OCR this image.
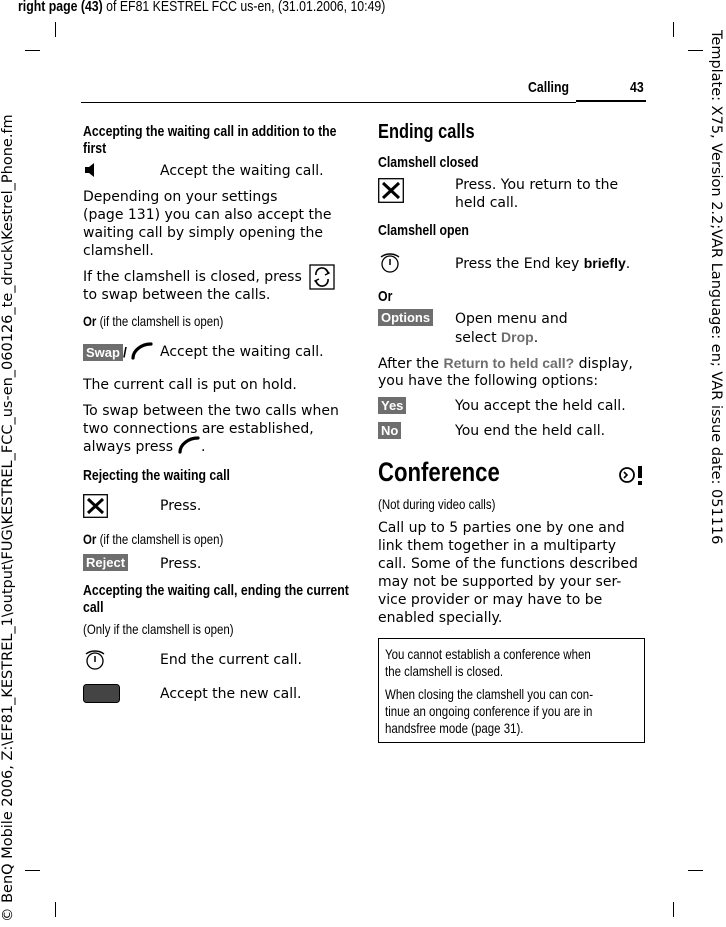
right page (43) of EF81 KESTREL FCC us-en, (31.01.2006, 10:49)
Template: X75, Version 2.2;VAR Language: en; VAR issue date: 051116
© BenQ Mobile 2006, Z:\EF81_KESTREL_1\output\FUG\KESTREL_FCC_us-en_060126_te_druck\Kestrel_Phone.fm
Calling	43
Accepting the waiting call in addition to the first
Accept the waiting call.
Depending on your settings
(page 131) you can also accept the
waiting call by simply opening the
clamshell.
If the clamshell is closed, press
to swap between the calls.
Or (if the clamshell is open)
Swap / Accept the waiting call.
The current call is put on hold.
To swap between the two calls when
two connections are established,
always press .
Rejecting the waiting call
Press.
Or (if the clamshell is open)
Reject Press.
Accepting the waiting call, ending the current call
(Only if the clamshell is open)
End the current call.
Accept the new call.
Ending calls
Clamshell closed
Press. You return to the
held call.
Clamshell open
Press the End key briefly.
Or
Options Open menu and
select Drop.
After the Return to held call? display,
you have the following options:
Yes	You accept the held call.
No	You end the held call.
Conference
(Not during video calls)
Call up to 5 parties one by one and
link them together in a multiparty
call. Some of the functions described
may not be supported by your ser-
vice provider or may have to be
enabled specially.
You cannot establish a conference when
the clamshell is closed.
When closing the clamshell you can con-
tinue an ongoing conference if you are in
handsfree mode (page 31).
